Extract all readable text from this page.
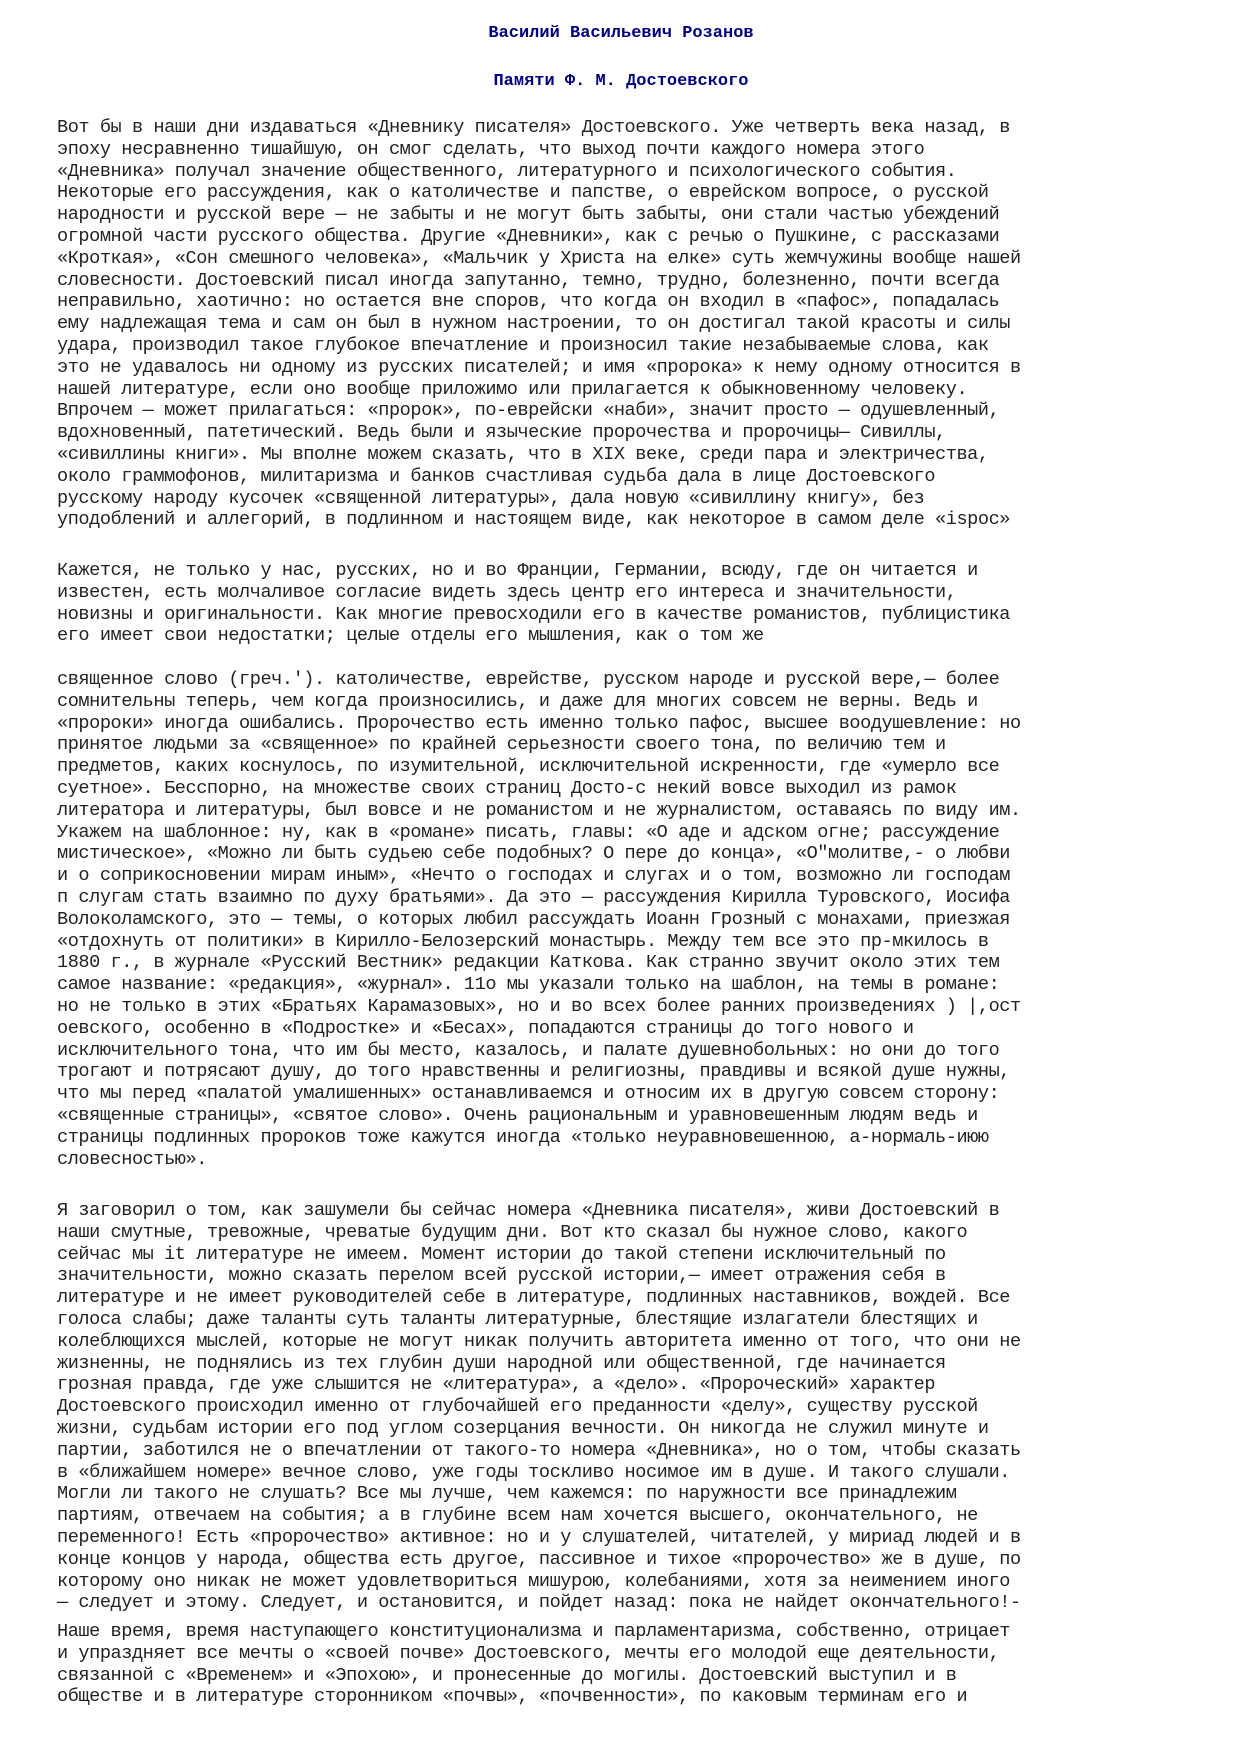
Василий Васильевич Розанов
Памяти Ф. М. Достоевского

Вот бы в наши дни издаваться «Дневнику писателя» Достоевского. Уже четверть века назад, в
эпоху несравненно тишайшую, он смог сделать, что выход почти каждого номера этого
«Дневника» получал значение общественного, литературного и психологического события.
Некоторые его рассуждения, как о католичестве и папстве, о еврейском вопросе, о русской
народности и русской вере — не забыты и не могут быть забыты, они стали частью убеждений
огромной части русского общества. Другие «Дневники», как с речью о Пушкине, с рассказами
«Кроткая», «Сон смешного человека», «Мальчик у Христа на елке» суть жемчужины вообще нашей
словесности. Достоевский писал иногда запутанно, темно, трудно, болезненно, почти всегда
неправильно, хаотично: но остается вне споров, что когда он входил в «пафос», попадалась
ему надлежащая тема и сам он был в нужном настроении, то он достигал такой красоты и силы
удара, производил такое глубокое впечатление и произносил такие незабываемые слова, как
это не удавалось ни одному из русских писателей; и имя «пророка» к нему одному относится в
нашей литературе, если оно вообще приложимо или прилагается к обыкновенному человеку.
Впрочем — может прилагаться: «пророк», по-еврейски «наби», значит просто — одушевленный,
вдохновенный, патетический. Ведь были и языческие пророчества и пророчицы— Сивиллы,
«сивиллины книги». Мы вполне можем сказать, что в XIX веке, среди пара и электричества,
около граммофонов, милитаризма и банков счастливая судьба дала в лице Достоевского
русскому народу кусочек «священной литературы», дала новую «сивиллину книгу», без
уподоблений и аллегорий, в подлинном и настоящем виде, как некоторое в самом деле «ispoc»

Кажется, не только у нас, русских, но и во Франции, Германии, всюду, где он читается и
известен, есть молчаливое согласие видеть здесь центр его интереса и значительности,
новизны и оригинальности. Как многие превосходили его в качестве романистов, публицистика
его имеет свои недостатки; целые отделы его мышления, как о том же

священное слово (греч.'). католичестве, еврействе, русском народе и русской вере,— более
сомнительны теперь, чем когда произносились, и даже для многих совсем не верны. Ведь и
«пророки» иногда ошибались. Пророчество есть именно только пафос, высшее воодушевление: но
принятое людьми за «священное» по крайней серьезности своего тона, по величию тем и
предметов, каких коснулось, по изумительной, исключительной искренности, где «умерло все
суетное». Бесспорно, на множестве своих страниц Досто-с некий вовсе выходил из рамок
литератора и литературы, был вовсе и не романистом и не журналистом, оставаясь по виду им.
Укажем на шаблонное: ну, как в «романе» писать, главы: «О аде и адском огне; рассуждение
мистическое», «Можно ли быть судьею себе подобных? О пере до конца», «О"молитве,- о любви
и о соприкосновении мирам иным», «Нечто о господах и слугах и о том, возможно ли господам
п слугам стать взаимно по духу братьями». Да это — рассуждения Кирилла Туровского, Иосифа
Волоколамского, это — темы, о которых любил рассуждать Иоанн Грозный с монахами, приезжая
«отдохнуть от политики» в Кирилло-Белозерский монастырь. Между тем все это пр-мкилось в
1880 г., в журнале «Русский Вестник» редакции Каткова. Как странно звучит около этих тем
самое название: «редакция», «журнал». 11о мы указали только на шаблон, на темы в романе:
но не только в этих «Братьях Карамазовых», но и во всех более ранних произведениях ) |,ост
оевского, особенно в «Подростке» и «Бесах», попадаются страницы до того нового и
исключительного тона, что им бы место, казалось, и палате душевнобольных: но они до того
трогают и потрясают душу, до того нравственны и религиозны, правдивы и всякой душе нужны,
что мы перед «палатой умалишенных» останавливаемся и относим их в другую совсем сторону:
«священные страницы», «святое слово». Очень рациональным и уравновешенным людям ведь и
страницы подлинных пророков тоже кажутся иногда «только неуравновешенною, а-нормаль-июю
словесностью».

Я заговорил о том, как зашумели бы сейчас номера «Дневника писателя», живи Достоевский в
наши смутные, тревожные, чреватые будущим дни. Вот кто сказал бы нужное слово, какого
сейчас мы it литературе не имеем. Момент истории до такой степени исключительный по
значительности, можно сказать перелом всей русской истории,— имеет отражения себя в
литературе и не имеет руководителей себе в литературе, подлинных наставников, вождей. Все
голоса слабы; даже таланты суть таланты литературные, блестящие излагатели блестящих и
колеблющихся мыслей, которые не могут никак получить авторитета именно от того, что они не
жизненны, не поднялись из тех глубин души народной или общественной, где начинается
грозная правда, где уже слышится не «литература», а «дело». «Пророческий» характер
Достоевского происходил именно от глубочайшей его преданности «делу», существу русской
жизни, судьбам истории его под углом созерцания вечности. Он никогда не служил минуте и
партии, заботился не о впечатлении от такого-то номера «Дневника», но о том, чтобы сказать
в «ближайшем номере» вечное слово, уже годы тоскливо носимое им в душе. И такого слушали.
Могли ли такого не слушать? Все мы лучше, чем кажемся: по наружности все принадлежим
партиям, отвечаем на события; а в глубине всем нам хочется высшего, окончательного, не
переменного! Есть «пророчество» активное: но и у слушателей, читателей, у мириад людей и в
конце концов у народа, общества есть другое, пассивное и тихое «пророчество» же в душе, по
которому оно никак не может удовлетвориться мишурою, колебаниями, хотя за неимением иного
— следует и этому. Следует, и остановится, и пойдет назад: пока не найдет окончательного!-

Наше время, время наступающего конституционализма и парламентаризма, собственно, отрицает
и упраздняет все мечты о «своей почве» Достоевского, мечты его молодой еще деятельности,
связанной с «Временем» и «Эпохою», и пронесенные до могилы. Достоевский выступил и в
обществе и в литературе сторонником «почвы», «почвенности», по каковым терминам его и
